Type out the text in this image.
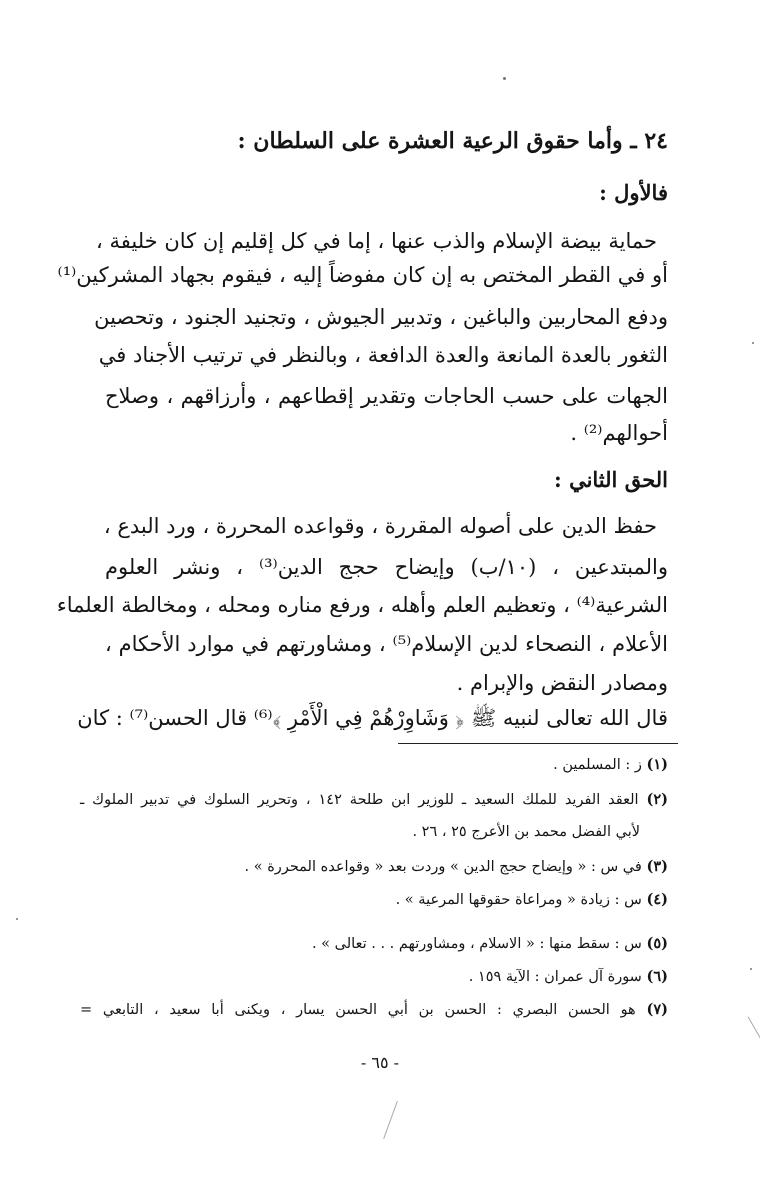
٢٤ ـ وأما حقوق الرعية العشرة على السلطان :
فالأول :
حماية بيضة الإسلام والذب عنها ، إما في كل إقليم إن كان خليفة ،
أو في القطر المختص به إن كان مفوضاً إليه ، فيقوم بجهاد المشركين⁽¹⁾
ودفع المحاربين والباغين ، وتدبير الجيوش ، وتجنيد الجنود ، وتحصين
الثغور بالعدة المانعة والعدة الدافعة ، وبالنظر في ترتيب الأجناد في
الجهات على حسب الحاجات وتقدير إقطاعهم ، وأرزاقهم ، وصلاح
أحوالهم⁽²⁾ .
الحق الثاني :
حفظ الدين على أصوله المقررة ، وقواعده المحررة ، ورد البدع ،
والمبتدعين ، (١٠/ب) وإيضاح حجج الدين⁽³⁾ ، ونشر العلوم
الشرعية⁽⁴⁾ ، وتعظيم العلم وأهله ، ورفع مناره ومحله ، ومخالطة العلماء
الأعلام ، النصحاء لدين الإسلام⁽⁵⁾ ، ومشاورتهم في موارد الأحكام ،
ومصادر النقض والإبرام .
قال الله تعالى لنبيه ﷺ ﴿ وَشَاوِرْهُمْ فِي الْأَمْرِ ﴾⁽⁶⁾ قال الحسن⁽⁷⁾ : كان
(١) ز : المسلمين .
(٢) العقد الفريد للملك السعيد ـ للوزير ابن طلحة ١٤٢ ، وتحرير السلوك في تدبير الملوك ـ
لأبي الفضل محمد بن الأعرج ٢٥ ، ٢٦ .
(٣) في س : « وإيضاح حجج الدين » وردت بعد « وقواعده المحررة » .
(٤) س : زيادة « ومراعاة حقوقها المرعية » .
(٥) س : سقط منها : « الاسلام ، ومشاورتهم . . . تعالى » .
(٦) سورة آل عمران : الآية ١٥٩ .
(٧) هو الحسن البصري : الحسن بن أبي الحسن يسار ، ويكنى أبا سعيد ، التابعي =
- ٦٥ -
